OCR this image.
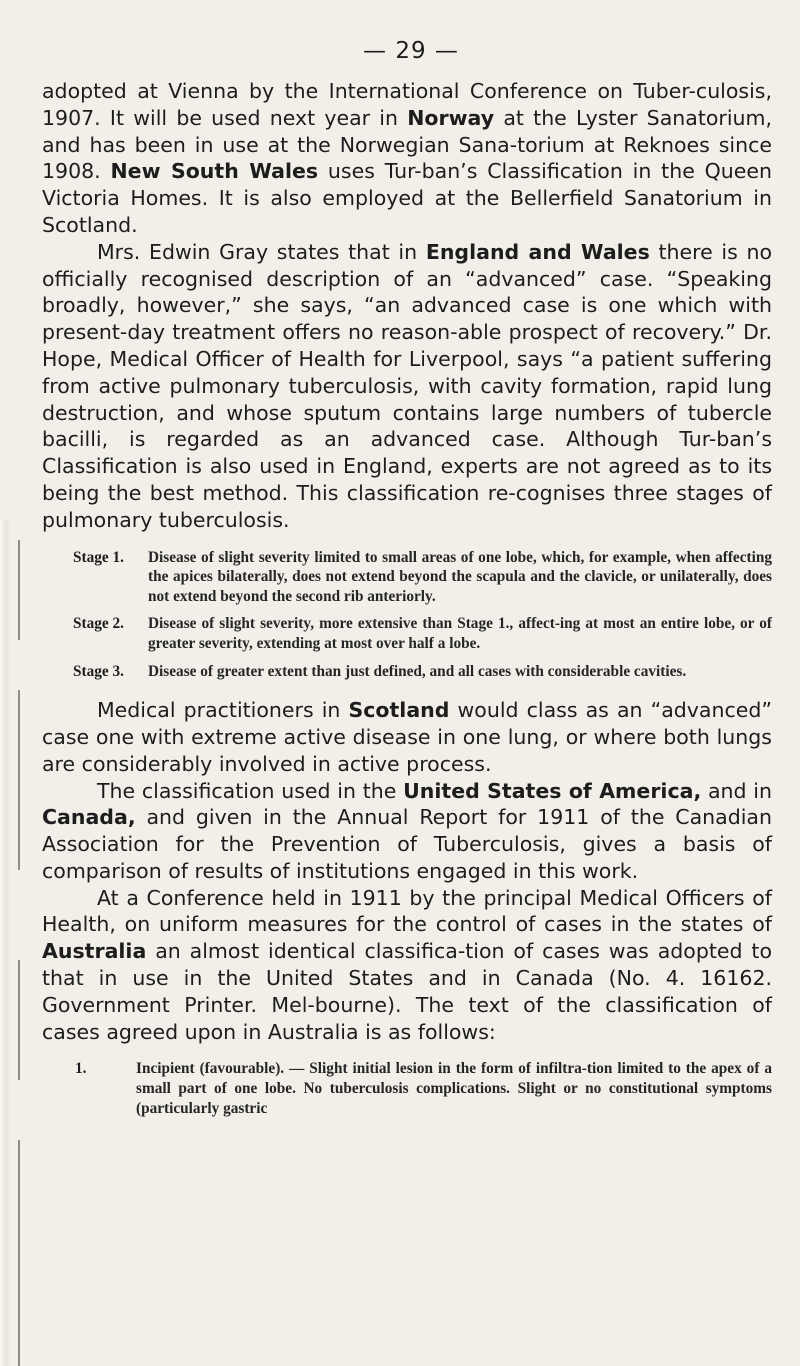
— 29 —

adopted at Vienna by the International Conference on Tuber-culosis, 1907. It will be used next year in Norway at the Lyster Sanatorium, and has been in use at the Norwegian Sana-torium at Reknoes since 1908. New South Wales uses Tur-ban’s Classification in the Queen Victoria Homes. It is also employed at the Bellerfield Sanatorium in Scotland.

Mrs. Edwin Gray states that in England and Wales there is no officially recognised description of an “advanced” case. “Speaking broadly, however,” she says, “an advanced case is one which with present-day treatment offers no reason-able prospect of recovery.” Dr. Hope, Medical Officer of Health for Liverpool, says “a patient suffering from active pulmonary tuberculosis, with cavity formation, rapid lung destruction, and whose sputum contains large numbers of tubercle bacilli, is regarded as an advanced case. Although Tur-ban’s Classification is also used in England, experts are not agreed as to its being the best method. This classification re-cognises three stages of pulmonary tuberculosis.

Stage 1.	Disease of slight severity limited to small areas of one lobe, which, for example, when affecting the apices bilaterally, does not extend beyond the scapula and the clavicle, or unilaterally, does not extend beyond the second rib anteriorly.
Stage 2.	Disease of slight severity, more extensive than Stage 1., affect-ing at most an entire lobe, or of greater severity, extending at most over half a lobe.
Stage 3.	Disease of greater extent than just defined, and all cases with considerable cavities.

Medical practitioners in Scotland would class as an “advanced” case one with extreme active disease in one lung, or where both lungs are considerably involved in active process.

The classification used in the United States of America, and in Canada, and given in the Annual Report for 1911 of the Canadian Association for the Prevention of Tuberculosis, gives a basis of comparison of results of institutions engaged in this work.

At a Conference held in 1911 by the principal Medical Officers of Health, on uniform measures for the control of cases in the states of Australia an almost identical classifica-tion of cases was adopted to that in use in the United States and in Canada (No. 4. 16162. Government Printer. Mel-bourne). The text of the classification of cases agreed upon in Australia is as follows:

1.	Incipient (favourable). — Slight initial lesion in the form of infiltra-tion limited to the apex of a small part of one lobe. No tuberculosis complications. Slight or no constitutional symptoms (particularly gastric
